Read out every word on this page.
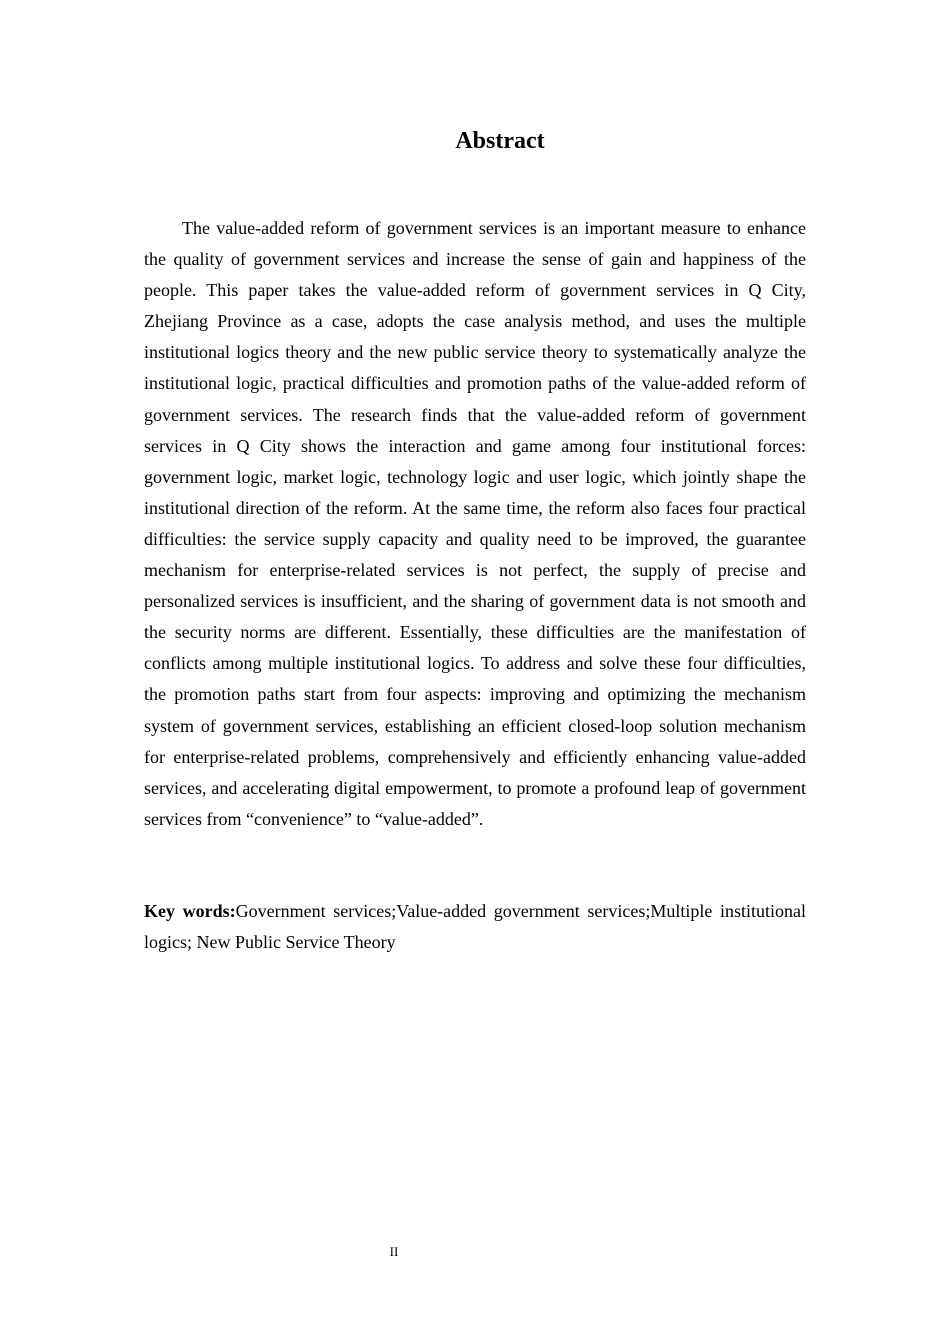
Abstract

The value-added reform of government services is an important measure to enhance the quality of government services and increase the sense of gain and happiness of the people. This paper takes the value-added reform of government services in Q City, Zhejiang Province as a case, adopts the case analysis method, and uses the multiple institutional logics theory and the new public service theory to systematically analyze the institutional logic, practical difficulties and promotion paths of the value-added reform of government services. The research finds that the value-added reform of government services in Q City shows the interaction and game among four institutional forces: government logic, market logic, technology logic and user logic, which jointly shape the institutional direction of the reform. At the same time, the reform also faces four practical difficulties: the service supply capacity and quality need to be improved, the guarantee mechanism for enterprise-related services is not perfect, the supply of precise and personalized services is insufficient, and the sharing of government data is not smooth and the security norms are different. Essentially, these difficulties are the manifestation of conflicts among multiple institutional logics. To address and solve these four difficulties, the promotion paths start from four aspects: improving and optimizing the mechanism system of government services, establishing an efficient closed-loop solution mechanism for enterprise-related problems, comprehensively and efficiently enhancing value-added services, and accelerating digital empowerment, to promote a profound leap of government services from “convenience” to “value-added”.

Key words:Government services;Value-added government services;Multiple institutional logics; New Public Service Theory

II
